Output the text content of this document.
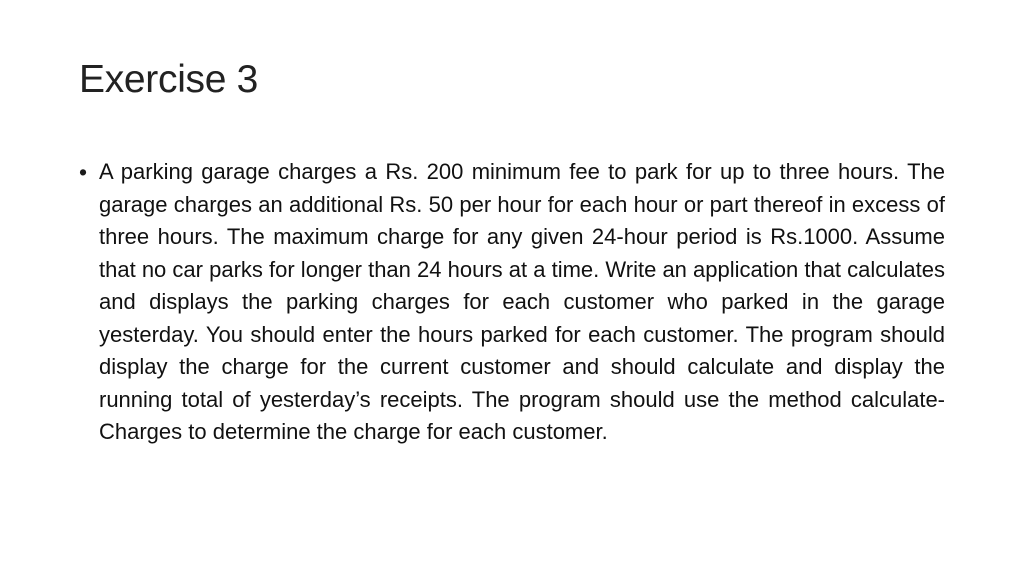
Exercise 3
• A parking garage charges a Rs. 200 minimum fee to park for up to three hours. The garage charges an additional Rs. 50 per hour for each hour or part thereof in excess of three hours. The maximum charge for any given 24-hour period is Rs.1000. Assume that no car parks for longer than 24 hours at a time. Write an application that calculates and displays the parking charges for each customer who parked in the garage yesterday. You should enter the hours parked for each customer. The program should display the charge for the current customer and should calculate and display the running total of yesterday’s receipts. The program should use the method calculate-Charges to determine the charge for each customer.
